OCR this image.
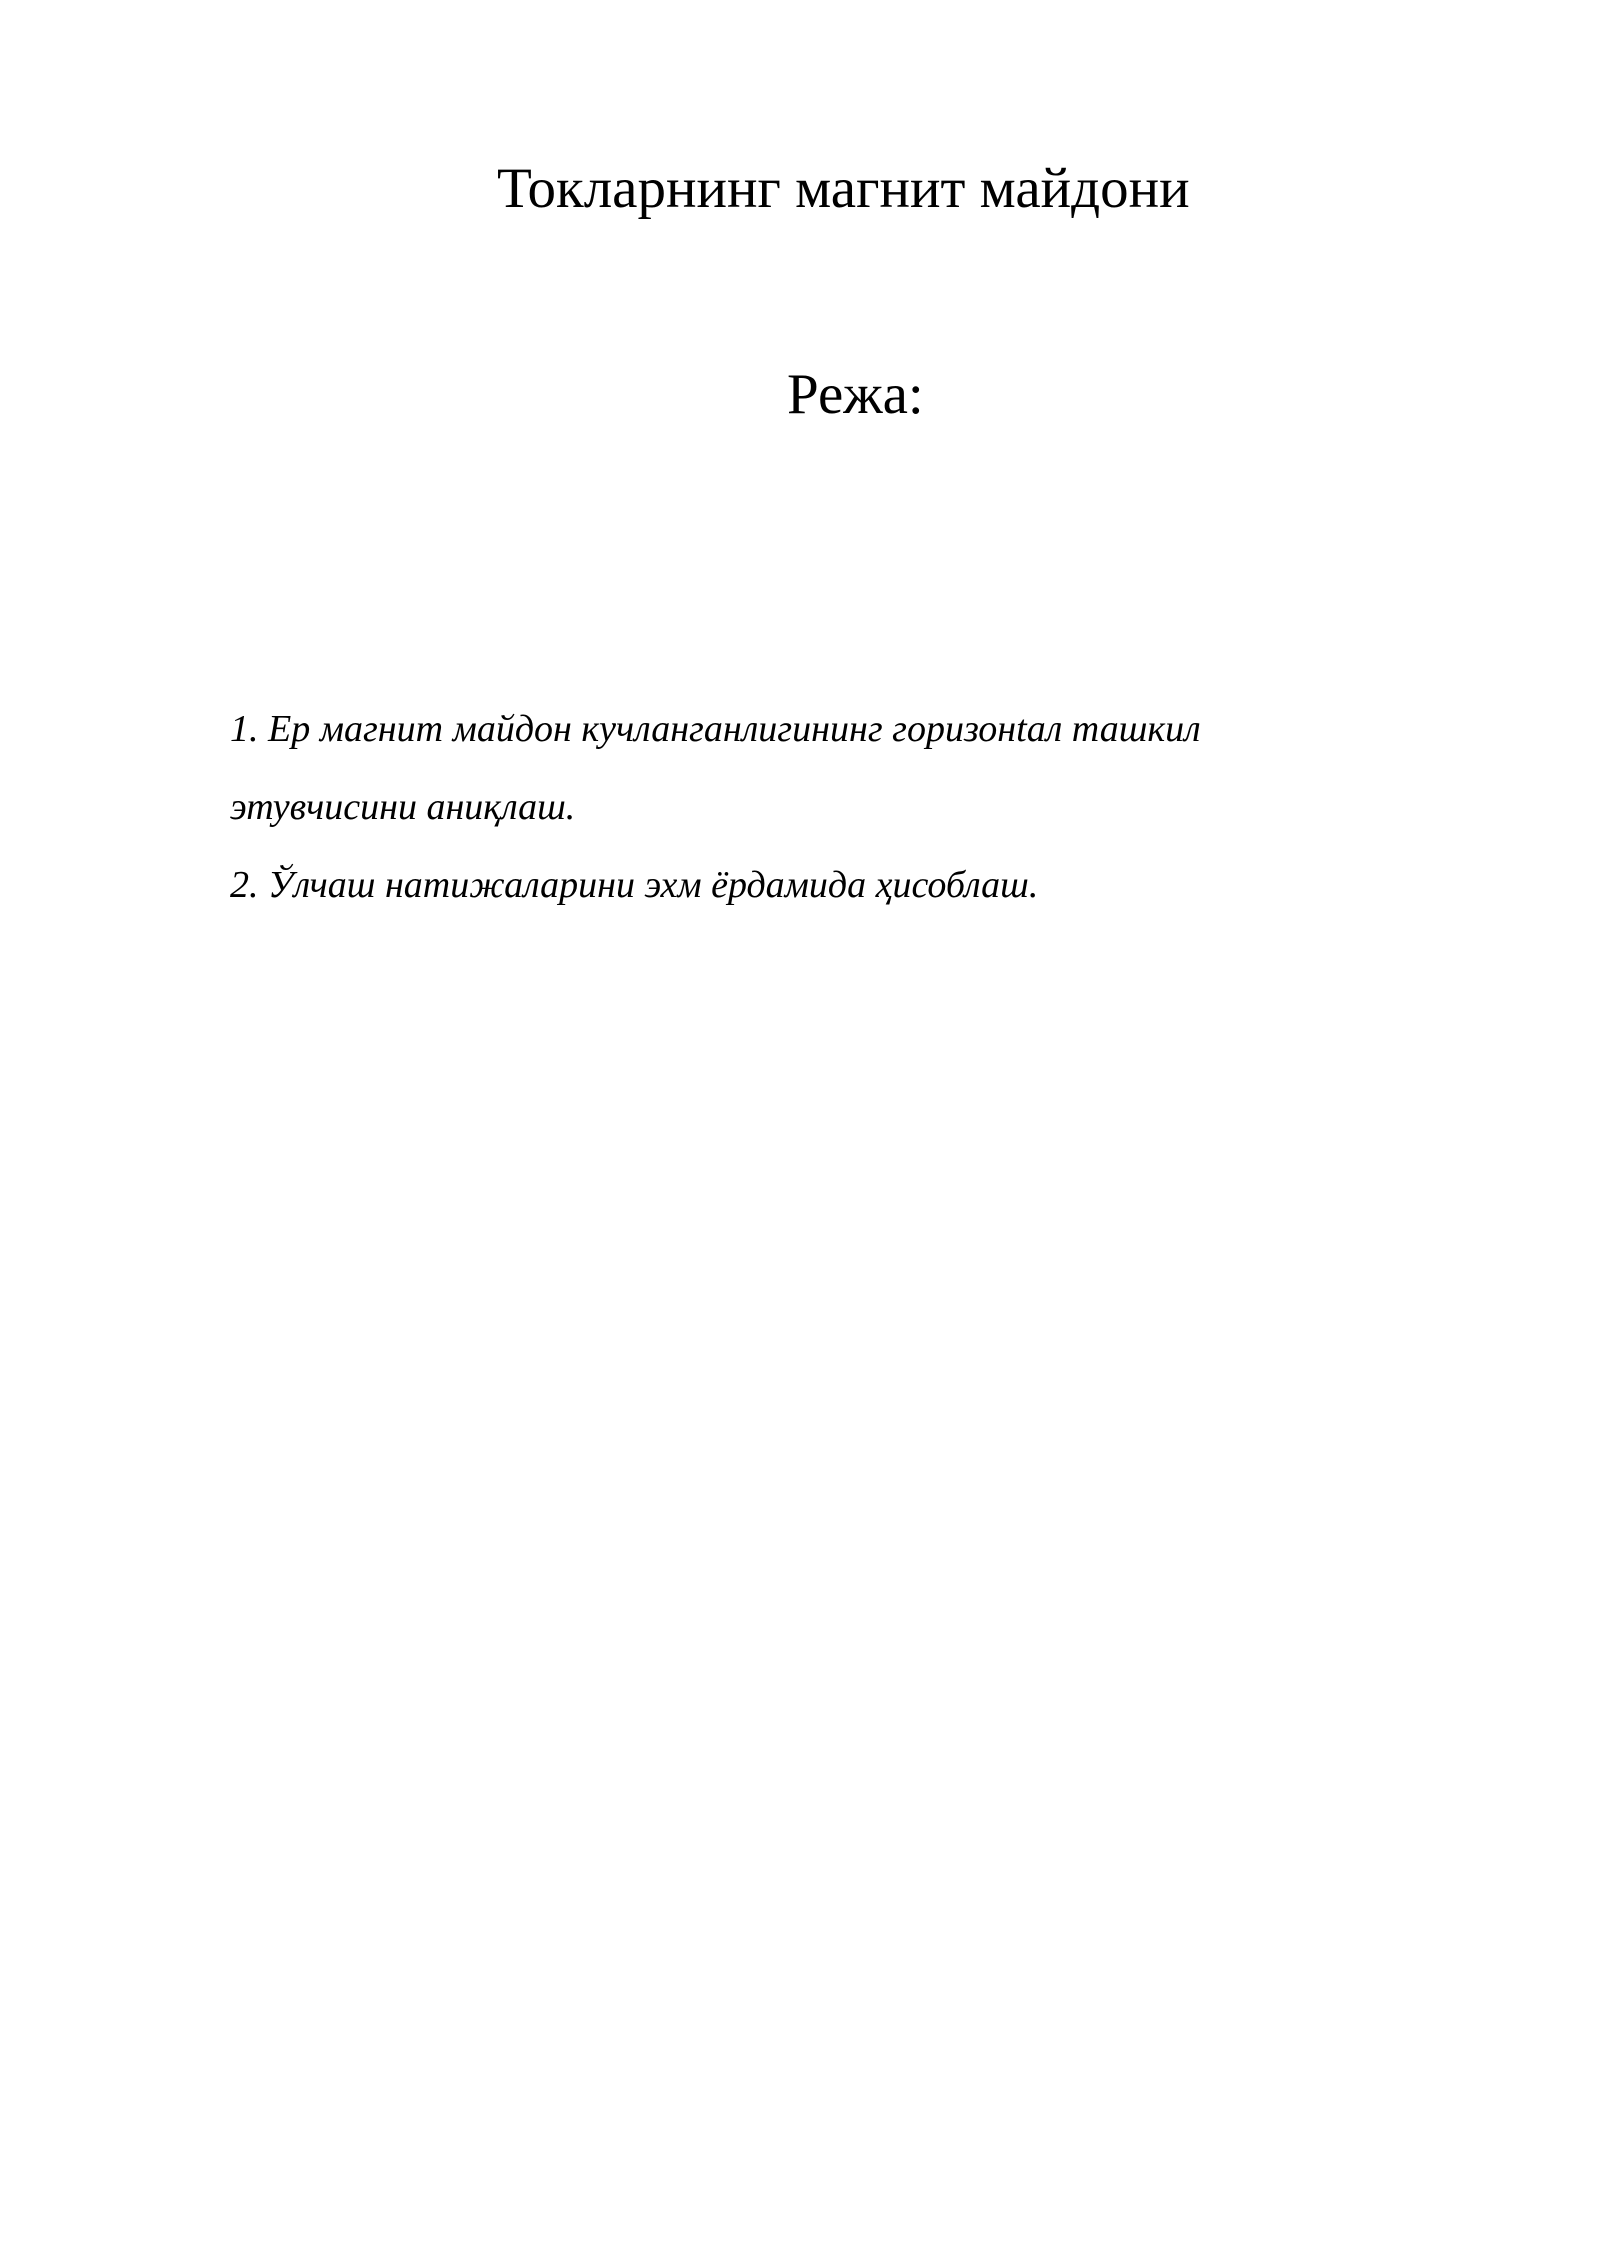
Токларнинг магнит майдони
Режа:
1. Ер магнит майдон кучланганлигининг горизонtал ташкил этувчисини аниқлаш.
2. Ўлчаш натижаларини эхм ёрдамида ҳисоблаш.
